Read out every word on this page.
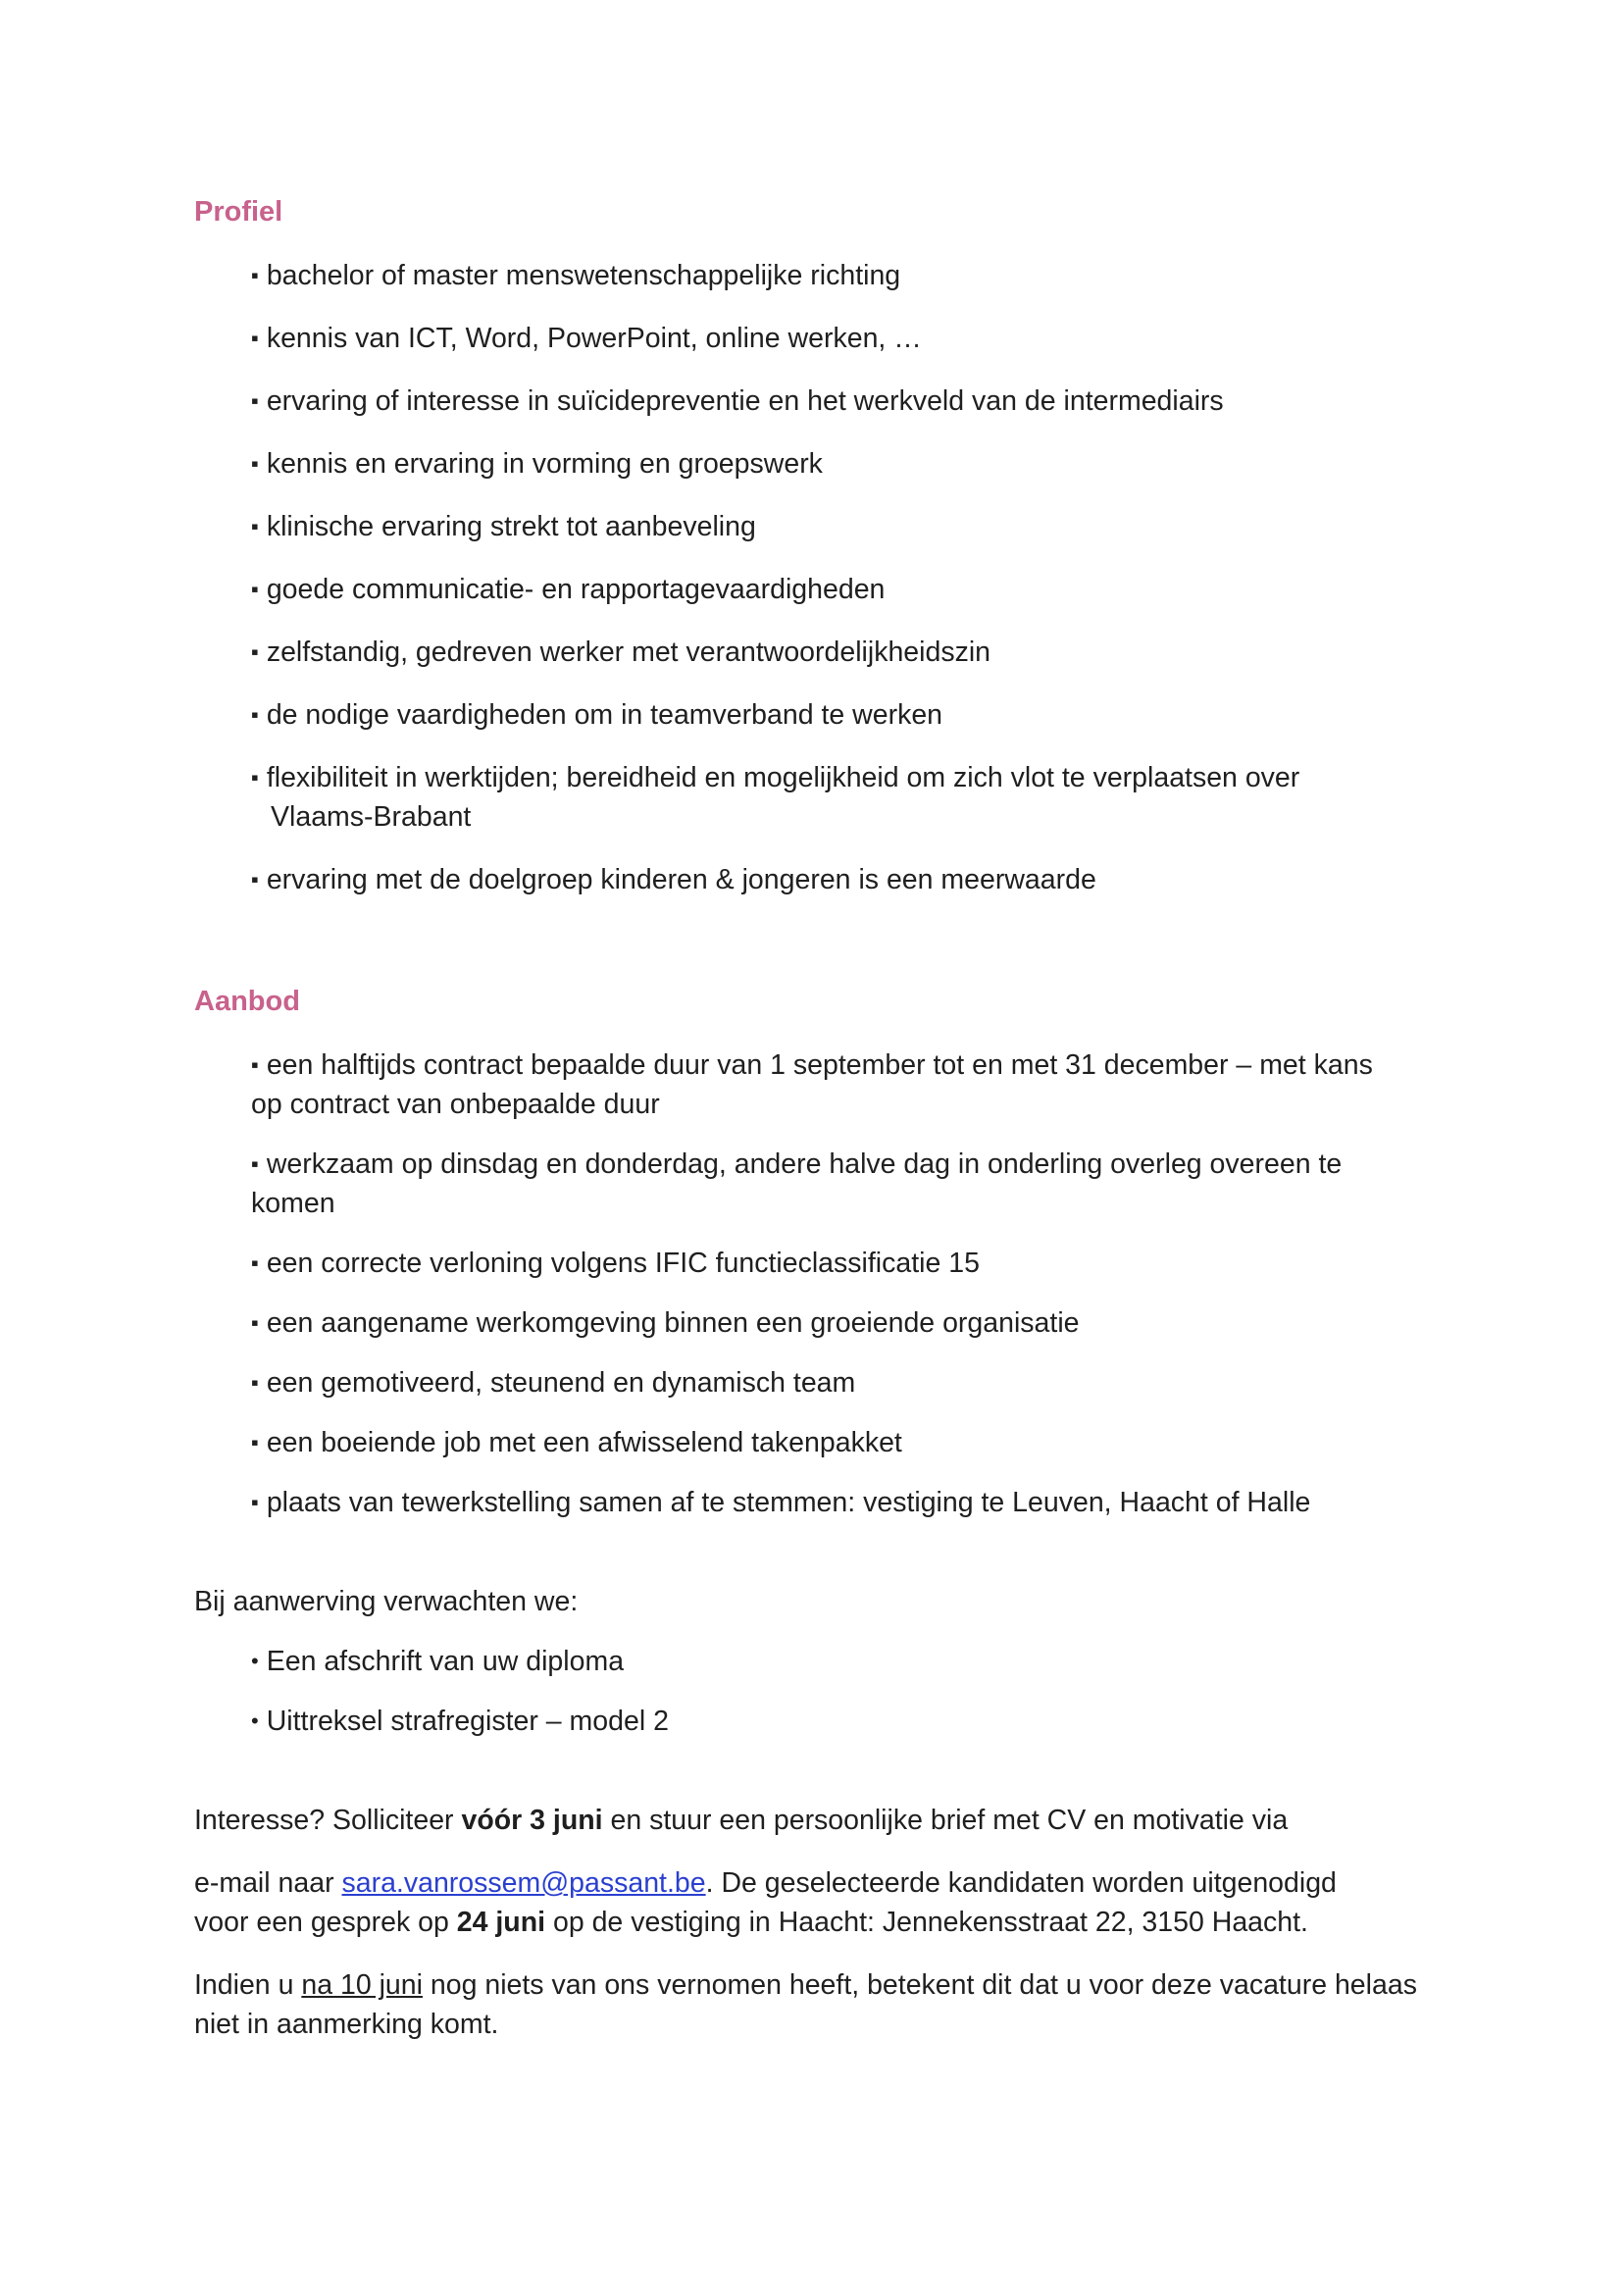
Profiel
▪ bachelor of master menswetenschappelijke richting
▪ kennis van ICT, Word, PowerPoint, online werken, …
▪ ervaring of interesse in suïcidepreventie en het werkveld van de intermediairs
▪ kennis en ervaring in vorming en groepswerk
▪ klinische ervaring strekt tot aanbeveling
▪ goede communicatie- en rapportagevaardigheden
▪ zelfstandig, gedreven werker met verantwoordelijkheidszin
▪ de nodige vaardigheden om in teamverband te werken
▪ flexibiliteit in werktijden; bereidheid en mogelijkheid om zich vlot te verplaatsen over
Vlaams-Brabant
▪ ervaring met de doelgroep kinderen & jongeren is een meerwaarde
Aanbod
▪ een halftijds contract bepaalde duur van 1 september tot en met 31 december – met kans
op contract van onbepaalde duur
▪ werkzaam op dinsdag en donderdag, andere halve dag in onderling overleg overeen te
komen
▪ een correcte verloning volgens IFIC functieclassificatie 15
▪ een aangename werkomgeving binnen een groeiende organisatie
▪ een gemotiveerd, steunend en dynamisch team
▪ een boeiende job met een afwisselend takenpakket
▪ plaats van tewerkstelling samen af te stemmen: vestiging te Leuven, Haacht of Halle

Bij aanwerving verwachten we:

• Een afschrift van uw diploma
• Uittreksel strafregister – model 2

Interesse? Solliciteer vóór 3 juni en stuur een persoonlijke brief met CV en motivatie via

e-mail naar sara.vanrossem@passant.be. De geselecteerde kandidaten worden uitgenodigd
voor een gesprek op 24 juni op de vestiging in Haacht: Jennekensstraat 22, 3150 Haacht.

Indien u na 10 juni nog niets van ons vernomen heeft, betekent dit dat u voor deze vacature helaas
niet in aanmerking komt.
